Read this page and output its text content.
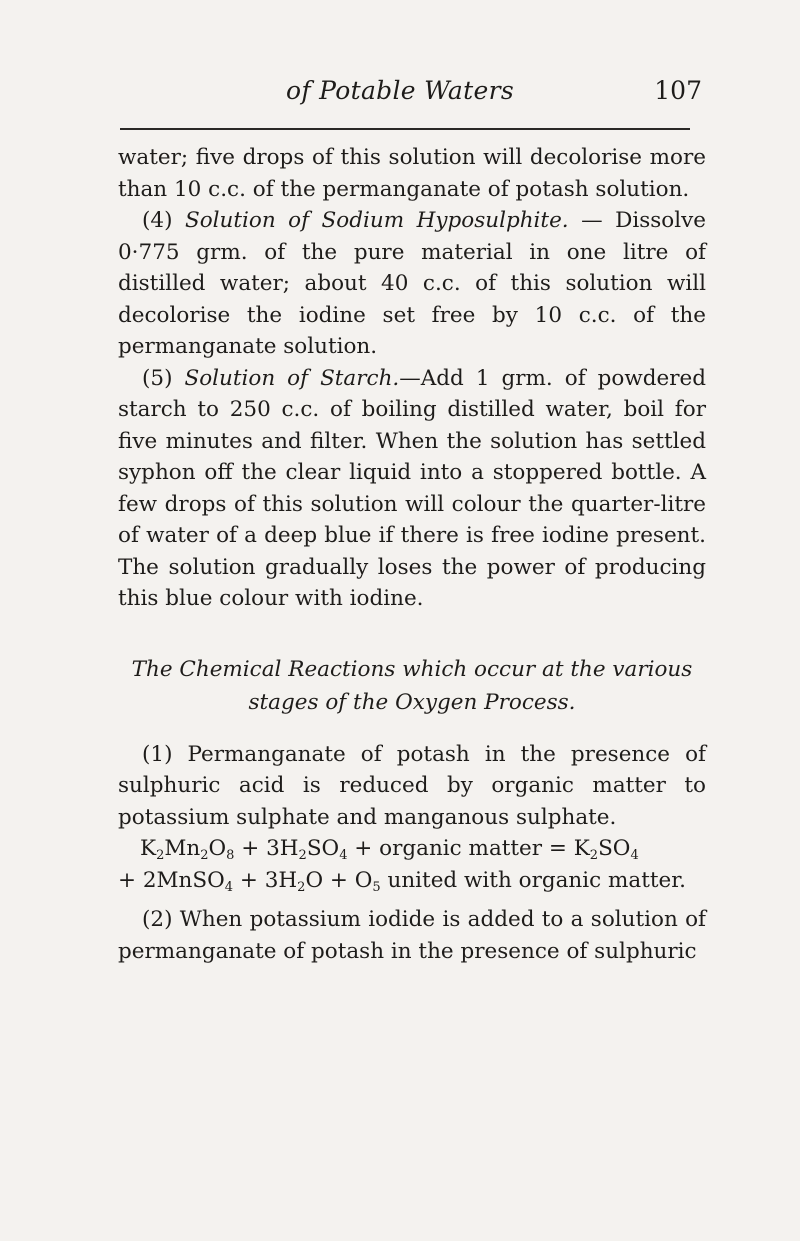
of Potable Waters	107

water; five drops of this solution will decolorise more than 10 c.c. of the permanganate of potash solution.

(4) Solution of Sodium Hyposulphite. — Dissolve 0·775 grm. of the pure material in one litre of distilled water; about 40 c.c. of this solution will decolorise the iodine set free by 10 c.c. of the permanganate solution.

(5) Solution of Starch.—Add 1 grm. of powdered starch to 250 c.c. of boiling distilled water, boil for five minutes and filter. When the solution has settled syphon off the clear liquid into a stoppered bottle. A few drops of this solution will colour the quarter-litre of water of a deep blue if there is free iodine present. The solution gradually loses the power of producing this blue colour with iodine.

The Chemical Reactions which occur at the various
stages of the Oxygen Process.

(1) Permanganate of potash in the presence of sulphuric acid is reduced by organic matter to potassium sulphate and manganous sulphate.

$K_2Mn_2O_8 + 3H_2SO_4$ + organic matter = $K_2SO_4$

+ 2MnSO$_4$ + $3H_2O + O_5$ united with organic matter.

(2) When potassium iodide is added to a solution of permanganate of potash in the presence of sulphuric
